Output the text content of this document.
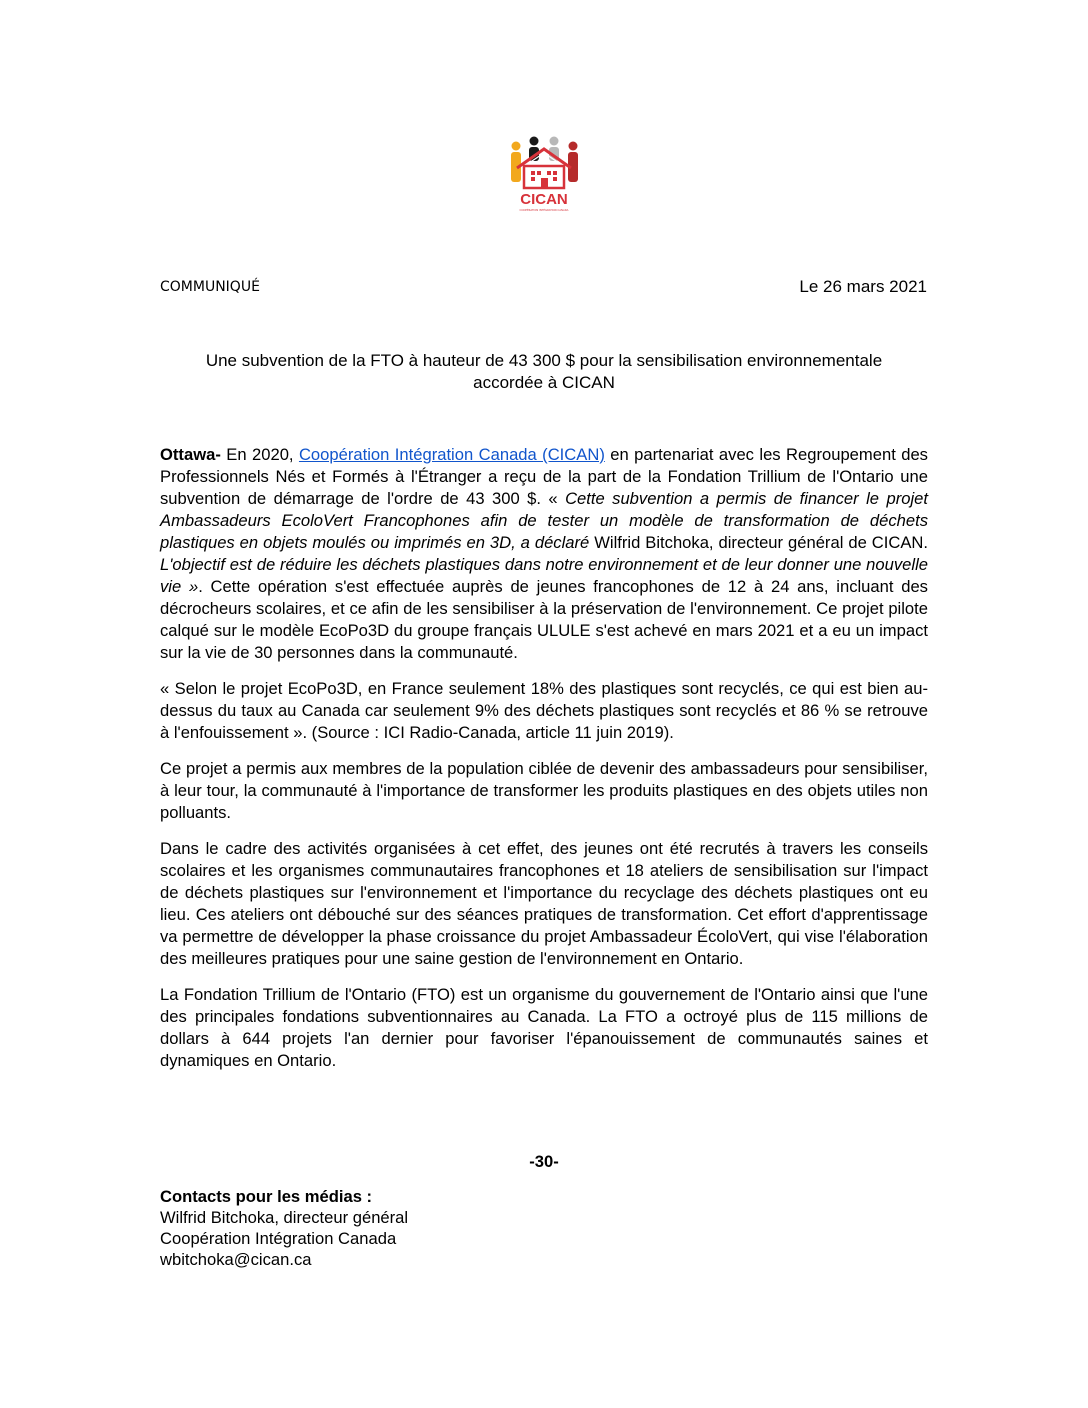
CICAN
COOPÉRATION INTÉGRATION CANADA
COMMUNIQUÉ	Le 26 mars 2021
Une subvention de la FTO à hauteur de 43 300 $ pour la sensibilisation environnementale
accordée à CICAN

Ottawa- En 2020, Coopération Intégration Canada (CICAN) en partenariat avec les Regroupement des Professionnels Nés et Formés à l'Étranger a reçu de la part de la Fondation Trillium de l'Ontario une subvention de démarrage de l'ordre de 43 300 $. « Cette subvention a permis de financer le projet Ambassadeurs EcoloVert Francophones afin de tester un modèle de transformation de déchets plastiques en objets moulés ou imprimés en 3D, a déclaré Wilfrid Bitchoka, directeur général de CICAN. L'objectif est de réduire les déchets plastiques dans notre environnement et de leur donner une nouvelle vie ». Cette opération s'est effectuée auprès de jeunes francophones de 12 à 24 ans, incluant des décrocheurs scolaires, et ce afin de les sensibiliser à la préservation de l'environnement. Ce projet pilote calqué sur le modèle EcoPo3D du groupe français ULULE s'est achevé en mars 2021 et a eu un impact sur la vie de 30 personnes dans la communauté.

« Selon le projet EcoPo3D, en France seulement 18% des plastiques sont recyclés, ce qui est bien au-dessus du taux au Canada car seulement 9% des déchets plastiques sont recyclés et 86 % se retrouve à l'enfouissement ». (Source : ICI Radio-Canada, article 11 juin 2019).

Ce projet a permis aux membres de la population ciblée de devenir des ambassadeurs pour sensibiliser, à leur tour, la communauté à l'importance de transformer les produits plastiques en des objets utiles non polluants.

Dans le cadre des activités organisées à cet effet, des jeunes ont été recrutés à travers les conseils scolaires et les organismes communautaires francophones et 18 ateliers de sensibilisation sur l'impact de déchets plastiques sur l'environnement et l'importance du recyclage des déchets plastiques ont eu lieu. Ces ateliers ont débouché sur des séances pratiques de transformation. Cet effort d'apprentissage va permettre de développer la phase croissance du projet Ambassadeur ÉcoloVert, qui vise l'élaboration des meilleures pratiques pour une saine gestion de l'environnement en Ontario.

La Fondation Trillium de l'Ontario (FTO) est un organisme du gouvernement de l'Ontario ainsi que l'une des principales fondations subventionnaires au Canada. La FTO a octroyé plus de 115 millions de dollars à 644 projets l'an dernier pour favoriser l'épanouissement de communautés saines et dynamiques en Ontario.

-30-
Contacts pour les médias :
Wilfrid Bitchoka, directeur général
Coopération Intégration Canada
wbitchoka@cican.ca
